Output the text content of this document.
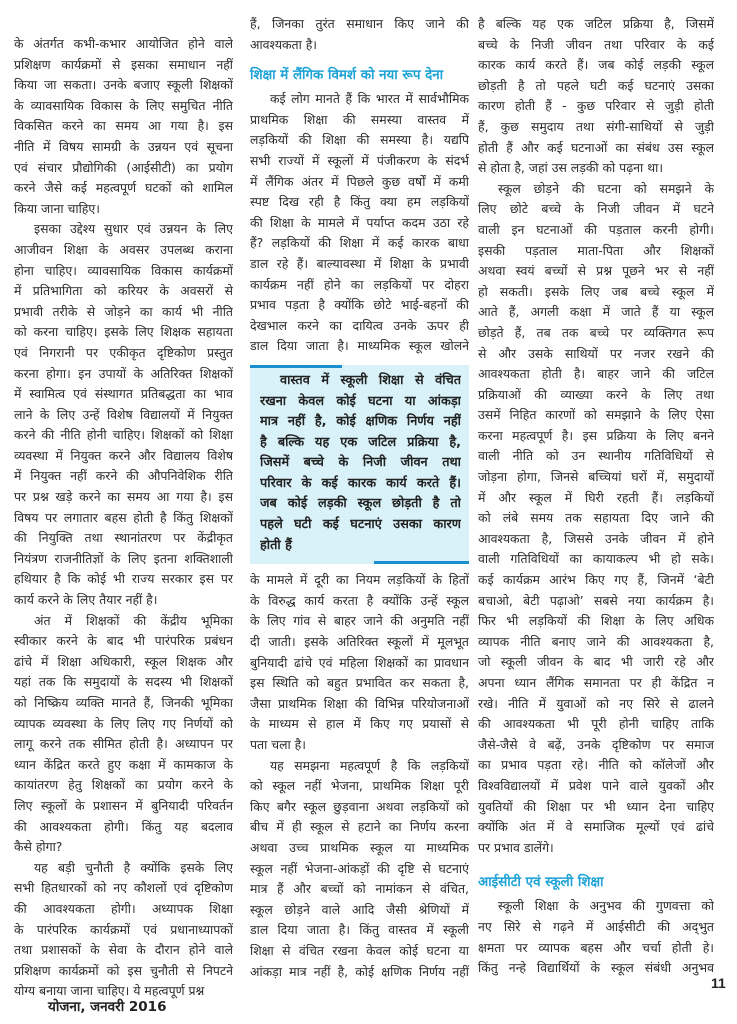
के अंतर्गत कभी-कभार आयोजित होने वाले
प्रशिक्षण कार्यक्रमों से इसका समाधान नहीं
किया जा सकता। उनके बजाए स्कूली शिक्षकों
के व्यावसायिक विकास के लिए समुचित नीति
विकसित करने का समय आ गया है। इस
नीति में विषय सामग्री के उन्नयन एवं सूचना
एवं संचार प्रौद्योगिकी (आईसीटी) का प्रयोग
करने जैसे कई महत्वपूर्ण घटकों को शामिल
किया जाना चाहिए।
इसका उद्देश्य सुधार एवं उन्नयन के लिए
आजीवन शिक्षा के अवसर उपलब्ध कराना
होना चाहिए। व्यावसायिक विकास कार्यक्रमों
में प्रतिभागिता को करियर के अवसरों से
प्रभावी तरीके से जोड़ने का कार्य भी नीति
को करना चाहिए। इसके लिए शिक्षक सहायता
एवं निगरानी पर एकीकृत दृष्टिकोण प्रस्तुत
करना होगा। इन उपायों के अतिरिक्त शिक्षकों
में स्वामित्व एवं संस्थागत प्रतिबद्धता का भाव
लाने के लिए उन्हें विशेष विद्यालयों में नियुक्त
करने की नीति होनी चाहिए। शिक्षकों को शिक्षा
व्यवस्था में नियुक्त करने और विद्यालय विशेष
में नियुक्त नहीं करने की औपनिवेशिक रीति
पर प्रश्न खड़े करने का समय आ गया है। इस
विषय पर लगातार बहस होती है किंतु शिक्षकों
की नियुक्ति तथा स्थानांतरण पर केंद्रीकृत
नियंत्रण राजनीतिज्ञों के लिए इतना शक्तिशाली
हथियार है कि कोई भी राज्य सरकार इस पर
कार्य करने के लिए तैयार नहीं है।
अंत में शिक्षकों की केंद्रीय भूमिका
स्वीकार करने के बाद भी पारंपरिक प्रबंधन
ढांचे में शिक्षा अधिकारी, स्कूल शिक्षक और
यहां तक कि समुदायों के सदस्य भी शिक्षकों
को निष्क्रिय व्यक्ति मानते हैं, जिनकी भूमिका
व्यापक व्यवस्था के लिए लिए गए निर्णयों को
लागू करने तक सीमित होती है। अध्यापन पर
ध्यान केंद्रित करते हुए कक्षा में कामकाज के
कायांतरण हेतु शिक्षकों का प्रयोग करने के
लिए स्कूलों के प्रशासन में बुनियादी परिवर्तन
की आवश्यकता होगी। किंतु यह बदलाव
कैसे होगा?
यह बड़ी चुनौती है क्योंकि इसके लिए
सभी हितधारकों को नए कौशलों एवं दृष्टिकोण
की आवश्यकता होगी। अध्यापक शिक्षा
के पारंपरिक कार्यक्रमों एवं प्रधानाध्यापकों
तथा प्रशासकों के सेवा के दौरान होने वाले
प्रशिक्षण कार्यक्रमों को इस चुनौती से निपटने
योग्य बनाया जाना चाहिए। ये महत्वपूर्ण प्रश्न
हैं, जिनका तुरंत समाधान किए जाने की
आवश्यकता है।
शिक्षा में लैंगिक विमर्श को नया रूप देना
कई लोग मानते हैं कि भारत में सार्वभौमिक
प्राथमिक शिक्षा की समस्या वास्तव में
लड़कियों की शिक्षा की समस्या है। यद्यपि
सभी राज्यों में स्कूलों में पंजीकरण के संदर्भ
में लैंगिक अंतर में पिछले कुछ वर्षों में कमी
स्पष्ट दिख रही है किंतु क्या हम लड़कियों
की शिक्षा के मामले में पर्याप्त कदम उठा रहे
हैं? लड़कियों की शिक्षा में कई कारक बाधा
डाल रहे हैं। बाल्यावस्था में शिक्षा के प्रभावी
कार्यक्रम नहीं होने का लड़कियों पर दोहरा
प्रभाव पड़ता है क्योंकि छोटे भाई-बहनों की
देखभाल करने का दायित्व उनके ऊपर ही
डाल दिया जाता है। माध्यमिक स्कूल खोलने
वास्तव में स्कूली शिक्षा से वंचित
रखना केवल कोई घटना या आंकड़ा
मात्र नहीं है, कोई क्षणिक निर्णय नहीं
है बल्कि यह एक जटिल प्रक्रिया है,
जिसमें बच्चे के निजी जीवन तथा
परिवार के कई कारक कार्य करते हैं।
जब कोई लड़की स्कूल छोड़ती है तो
पहले घटी कई घटनाएं उसका कारण
होती हैं
के मामले में दूरी का नियम लड़कियों के हितों
के विरुद्ध कार्य करता है क्योंकि उन्हें स्कूल
के लिए गांव से बाहर जाने की अनुमति नहीं
दी जाती। इसके अतिरिक्त स्कूलों में मूलभूत
बुनियादी ढांचे एवं महिला शिक्षकों का प्रावधान
इस स्थिति को बहुत प्रभावित कर सकता है,
जैसा प्राथमिक शिक्षा की विभिन्न परियोजनाओं
के माध्यम से हाल में किए गए प्रयासों से
पता चला है।
यह समझना महत्वपूर्ण है कि लड़कियों
को स्कूल नहीं भेजना, प्राथमिक शिक्षा पूरी
किए बगैर स्कूल छुड़वाना अथवा लड़कियों को
बीच में ही स्कूल से हटाने का निर्णय करना
अथवा उच्च प्राथमिक स्कूल या माध्यमिक
स्कूल नहीं भेजना-आंकड़ों की दृष्टि से घटनाएं
मात्र हैं और बच्चों को नामांकन से वंचित,
स्कूल छोड़ने वाले आदि जैसी श्रेणियों में
डाल दिया जाता है। किंतु वास्तव में स्कूली
शिक्षा से वंचित रखना केवल कोई घटना या
आंकड़ा मात्र नहीं है, कोई क्षणिक निर्णय नहीं
है बल्कि यह एक जटिल प्रक्रिया है, जिसमें
बच्चे के निजी जीवन तथा परिवार के कई
कारक कार्य करते हैं। जब कोई लड़की स्कूल
छोड़ती है तो पहले घटी कई घटनाएं उसका
कारण होती हैं - कुछ परिवार से जुड़ी होती
हैं, कुछ समुदाय तथा संगी-साथियों से जुड़ी
होती हैं और कई घटनाओं का संबंध उस स्कूल
से होता है, जहां उस लड़की को पढ़ना था।
स्कूल छोड़ने की घटना को समझने के
लिए छोटे बच्चे के निजी जीवन में घटने
वाली इन घटनाओं की पड़ताल करनी होगी।
इसकी पड़ताल माता-पिता और शिक्षकों
अथवा स्वयं बच्चों से प्रश्न पूछने भर से नहीं
हो सकती। इसके लिए जब बच्चे स्कूल में
आते हैं, अगली कक्षा में जाते हैं या स्कूल
छोड़ते हैं, तब तक बच्चे पर व्यक्तिगत रूप
से और उसके साथियों पर नजर रखने की
आवश्यकता होती है। बाहर जाने की जटिल
प्रक्रियाओं की व्याख्या करने के लिए तथा
उसमें निहित कारणों को समझाने के लिए ऐसा
करना महत्वपूर्ण है। इस प्रक्रिया के लिए बनने
वाली नीति को उन स्थानीय गतिविधियों से
जोड़ना होगा, जिनसे बच्चियां घरों में, समुदायों
में और स्कूल में घिरी रहती हैं। लड़कियों
को लंबे समय तक सहायता दिए जाने की
आवश्यकता है, जिससे उनके जीवन में होने
वाली गतिविधियों का कायाकल्प भी हो सके।
कई कार्यक्रम आरंभ किए गए हैं, जिनमें ‘बेटी
बचाओ, बेटी पढ़ाओ’ सबसे नया कार्यक्रम है।
फिर भी लड़कियों की शिक्षा के लिए अधिक
व्यापक नीति बनाए जाने की आवश्यकता है,
जो स्कूली जीवन के बाद भी जारी रहे और
अपना ध्यान लैंगिक समानता पर ही केंद्रित न
रखे। नीति में युवाओं को नए सिरे से ढालने
की आवश्यकता भी पूरी होनी चाहिए ताकि
जैसे-जैसे वे बढ़ें, उनके दृष्टिकोण पर समाज
का प्रभाव पड़ता रहे। नीति को कॉलेजों और
विश्वविद्यालयों में प्रवेश पाने वाले युवकों और
युवतियों की शिक्षा पर भी ध्यान देना चाहिए
क्योंकि अंत में वे समाजिक मूल्यों एवं ढांचे
पर प्रभाव डालेंगे।
आईसीटी एवं स्कूली शिक्षा
स्कूली शिक्षा के अनुभव की गुणवत्ता को
नए सिरे से गढ़ने में आईसीटी की अद्‌भुत
क्षमता पर व्यापक बहस और चर्चा होती हे।
किंतु नन्हे विद्यार्थियों के स्कूल संबंधी अनुभव
योजना, जनवरी 2016
11
